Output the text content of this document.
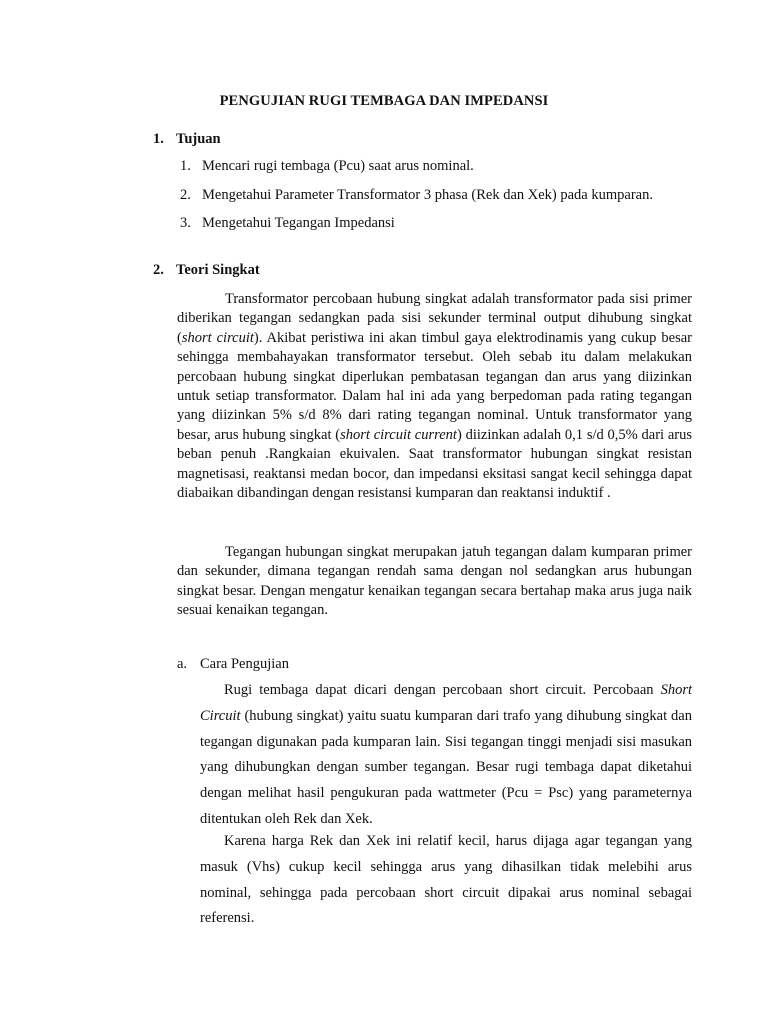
PENGUJIAN RUGI TEMBAGA DAN IMPEDANSI
1. Tujuan
1. Mencari rugi tembaga (Pcu) saat arus nominal.
2. Mengetahui Parameter Transformator 3 phasa (Rek dan Xek) pada kumparan.
3. Mengetahui Tegangan Impedansi
2. Teori Singkat

Transformator percobaan hubung singkat adalah transformator pada sisi primer diberikan tegangan sedangkan pada sisi sekunder terminal output dihubung singkat (short circuit). Akibat peristiwa ini akan timbul gaya elektrodinamis yang cukup besar sehingga membahayakan transformator tersebut. Oleh sebab itu dalam melakukan percobaan hubung singkat diperlukan pembatasan tegangan dan arus yang diizinkan untuk setiap transformator. Dalam hal ini ada yang berpedoman pada rating tegangan yang diizinkan 5% s/d 8% dari rating tegangan nominal. Untuk transformator yang besar, arus hubung singkat (short circuit current) diizinkan adalah 0,1 s/d 0,5% dari arus beban penuh .Rangkaian ekuivalen. Saat transformator hubungan singkat resistan magnetisasi, reaktansi medan bocor, dan impedansi eksitasi sangat kecil sehingga dapat diabaikan dibandingan dengan resistansi kumparan dan reaktansi induktif .

Tegangan hubungan singkat merupakan jatuh tegangan dalam kumparan primer dan sekunder, dimana tegangan rendah sama dengan nol sedangkan arus hubungan singkat besar. Dengan mengatur kenaikan tegangan secara bertahap maka arus juga naik sesuai kenaikan tegangan.

a. Cara Pengujian

Rugi tembaga dapat dicari dengan percobaan short circuit. Percobaan Short Circuit (hubung singkat) yaitu suatu kumparan dari trafo yang dihubung singkat dan tegangan digunakan pada kumparan lain. Sisi tegangan tinggi menjadi sisi masukan yang dihubungkan dengan sumber tegangan. Besar rugi tembaga dapat diketahui dengan melihat hasil pengukuran pada wattmeter (Pcu = Psc) yang parameternya ditentukan oleh Rek dan Xek.

Karena harga Rek dan Xek ini relatif kecil, harus dijaga agar tegangan yang masuk (Vhs) cukup kecil sehingga arus yang dihasilkan tidak melebihi arus nominal, sehingga pada percobaan short circuit dipakai arus nominal sebagai referensi.
